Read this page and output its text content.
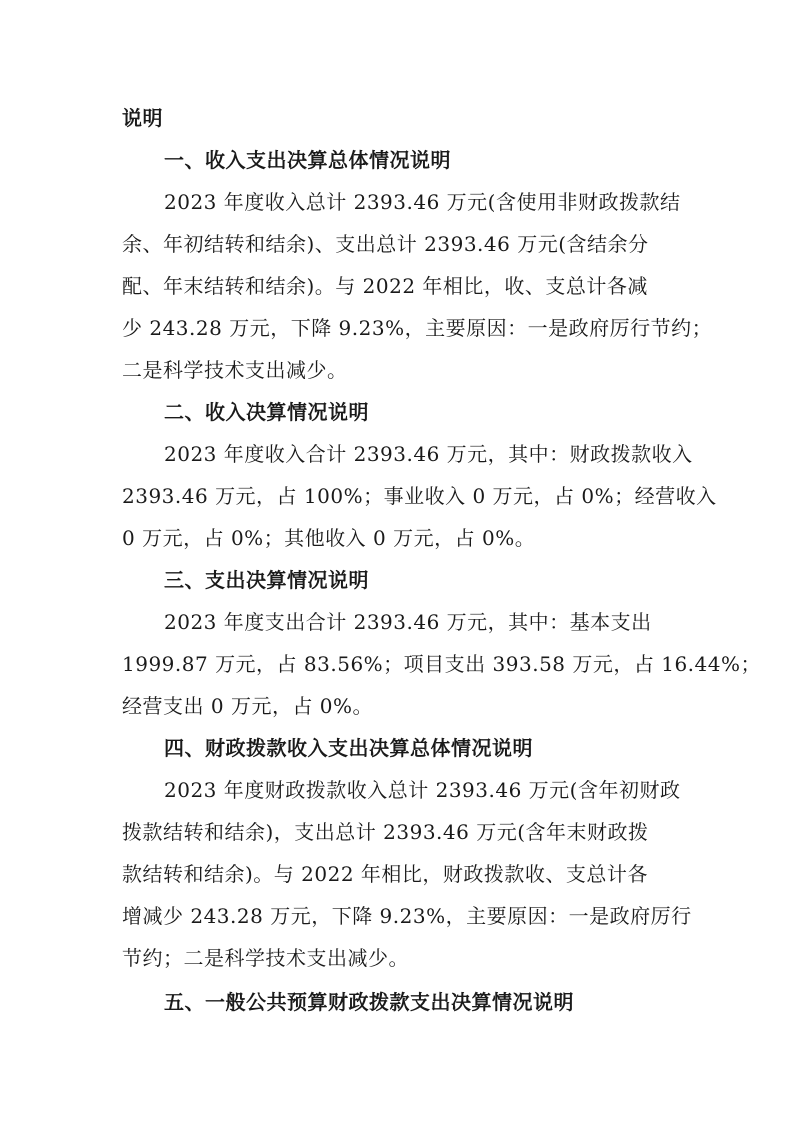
说明
一、收入支出决算总体情况说明
2023 年度收入总计 2393.46 万元(含使用非财政拨款结
余、年初结转和结余)、支出总计 2393.46 万元(含结余分
配、年末结转和结余)。与 2022 年相比，收、支总计各减
少 243.28 万元，下降 9.23%，主要原因：一是政府厉行节约；
二是科学技术支出减少。
二、收入决算情况说明
2023 年度收入合计 2393.46 万元，其中：财政拨款收入
2393.46 万元，占 100%；事业收入 0 万元，占 0%；经营收入
0 万元，占 0%；其他收入 0 万元，占 0%。
三、支出决算情况说明
2023 年度支出合计 2393.46 万元，其中：基本支出
1999.87 万元，占 83.56%；项目支出 393.58 万元，占 16.44%；
经营支出 0 万元，占 0%。
四、财政拨款收入支出决算总体情况说明
2023 年度财政拨款收入总计 2393.46 万元(含年初财政
拨款结转和结余)，支出总计 2393.46 万元(含年末财政拨
款结转和结余)。与 2022 年相比，财政拨款收、支总计各
增减少 243.28 万元，下降 9.23%，主要原因：一是政府厉行
节约；二是科学技术支出减少。
五、一般公共预算财政拨款支出决算情况说明
